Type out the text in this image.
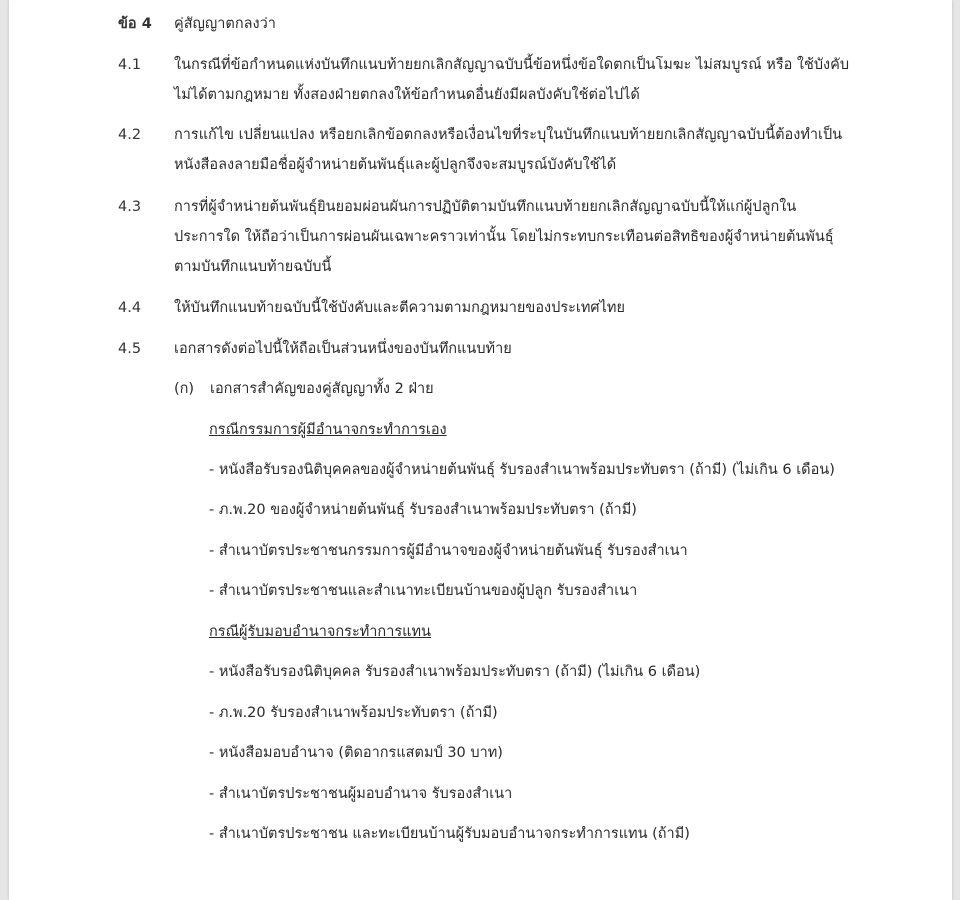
ข้อ 4 คู่สัญญาตกลงว่า
4.1 ในกรณีที่ข้อกำหนดแห่งบันทึกแนบท้ายยกเลิกสัญญาฉบับนี้ข้อหนึ่งข้อใดตกเป็นโมฆะ ไม่สมบูรณ์ หรือ ใช้บังคับ
ไม่ได้ตามกฎหมาย ทั้งสองฝ่ายตกลงให้ข้อกำหนดอื่นยังมีผลบังคับใช้ต่อไปได้
4.2 การแก้ไข เปลี่ยนแปลง หรือยกเลิกข้อตกลงหรือเงื่อนไขที่ระบุในบันทึกแนบท้ายยกเลิกสัญญาฉบับนี้ต้องทำเป็น
หนังสือลงลายมือชื่อผู้จำหน่ายต้นพันธุ์และผู้ปลูกจึงจะสมบูรณ์บังคับใช้ได้
4.3 การที่ผู้จำหน่ายต้นพันธุ์ยินยอมผ่อนผันการปฏิบัติตามบันทึกแนบท้ายยกเลิกสัญญาฉบับนี้ให้แก่ผู้ปลูกใน
ประการใด ให้ถือว่าเป็นการผ่อนผันเฉพาะคราวเท่านั้น โดยไม่กระทบกระเทือนต่อสิทธิของผู้จำหน่ายต้นพันธุ์
ตามบันทึกแนบท้ายฉบับนี้
4.4 ให้บันทึกแนบท้ายฉบับนี้ใช้บังคับและตีความตามกฎหมายของประเทศไทย
4.5 เอกสารดังต่อไปนี้ให้ถือเป็นส่วนหนึ่งของบันทึกแนบท้าย
(ก) เอกสารสำคัญของคู่สัญญาทั้ง 2 ฝ่าย
กรณีกรรมการผู้มีอำนาจกระทำการเอง
- หนังสือรับรองนิติบุคคลของผู้จำหน่ายต้นพันธุ์ รับรองสำเนาพร้อมประทับตรา (ถ้ามี) (ไม่เกิน 6 เดือน)
- ภ.พ.20 ของผู้จำหน่ายต้นพันธุ์ รับรองสำเนาพร้อมประทับตรา (ถ้ามี)
- สำเนาบัตรประชาชนกรรมการผู้มีอำนาจของผู้จำหน่ายต้นพันธุ์ รับรองสำเนา
- สำเนาบัตรประชาชนและสำเนาทะเบียนบ้านของผู้ปลูก รับรองสำเนา
กรณีผู้รับมอบอำนาจกระทำการแทน
- หนังสือรับรองนิติบุคคล รับรองสำเนาพร้อมประทับตรา (ถ้ามี) (ไม่เกิน 6 เดือน)
- ภ.พ.20 รับรองสำเนาพร้อมประทับตรา (ถ้ามี)
- หนังสือมอบอำนาจ (ติดอากรแสตมป์ 30 บาท)
- สำเนาบัตรประชาชนผู้มอบอำนาจ รับรองสำเนา
- สำเนาบัตรประชาชน และทะเบียนบ้านผู้รับมอบอำนาจกระทำการแทน (ถ้ามี)
